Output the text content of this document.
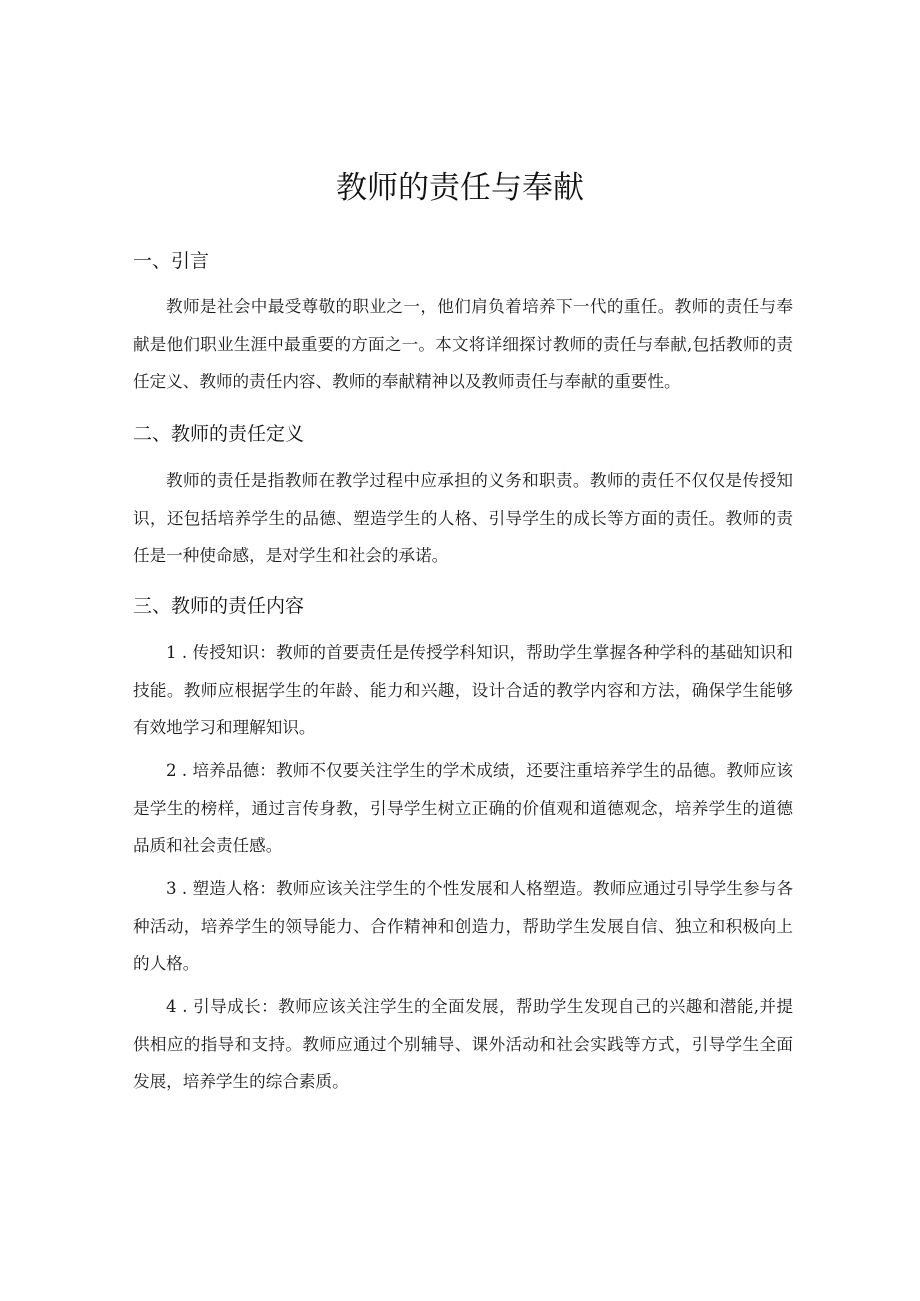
教师的责任与奉献
一、引言

教师是社会中最受尊敬的职业之一，他们肩负着培养下一代的重任。教师的责任与奉献是他们职业生涯中最重要的方面之一。本文将详细探讨教师的责任与奉献,包括教师的责任定义、教师的责任内容、教师的奉献精神以及教师责任与奉献的重要性。

二、教师的责任定义

教师的责任是指教师在教学过程中应承担的义务和职责。教师的责任不仅仅是传授知识，还包括培养学生的品德、塑造学生的人格、引导学生的成长等方面的责任。教师的责任是一种使命感，是对学生和社会的承诺。

三、教师的责任内容

1 . 传授知识：教师的首要责任是传授学科知识，帮助学生掌握各种学科的基础知识和技能。教师应根据学生的年龄、能力和兴趣，设计合适的教学内容和方法，确保学生能够有效地学习和理解知识。

2 . 培养品德：教师不仅要关注学生的学术成绩，还要注重培养学生的品德。教师应该是学生的榜样，通过言传身教，引导学生树立正确的价值观和道德观念，培养学生的道德品质和社会责任感。

3 . 塑造人格：教师应该关注学生的个性发展和人格塑造。教师应通过引导学生参与各种活动，培养学生的领导能力、合作精神和创造力，帮助学生发展自信、独立和积极向上的人格。

4 . 引导成长：教师应该关注学生的全面发展，帮助学生发现自己的兴趣和潜能,并提供相应的指导和支持。教师应通过个别辅导、课外活动和社会实践等方式，引导学生全面发展，培养学生的综合素质。
